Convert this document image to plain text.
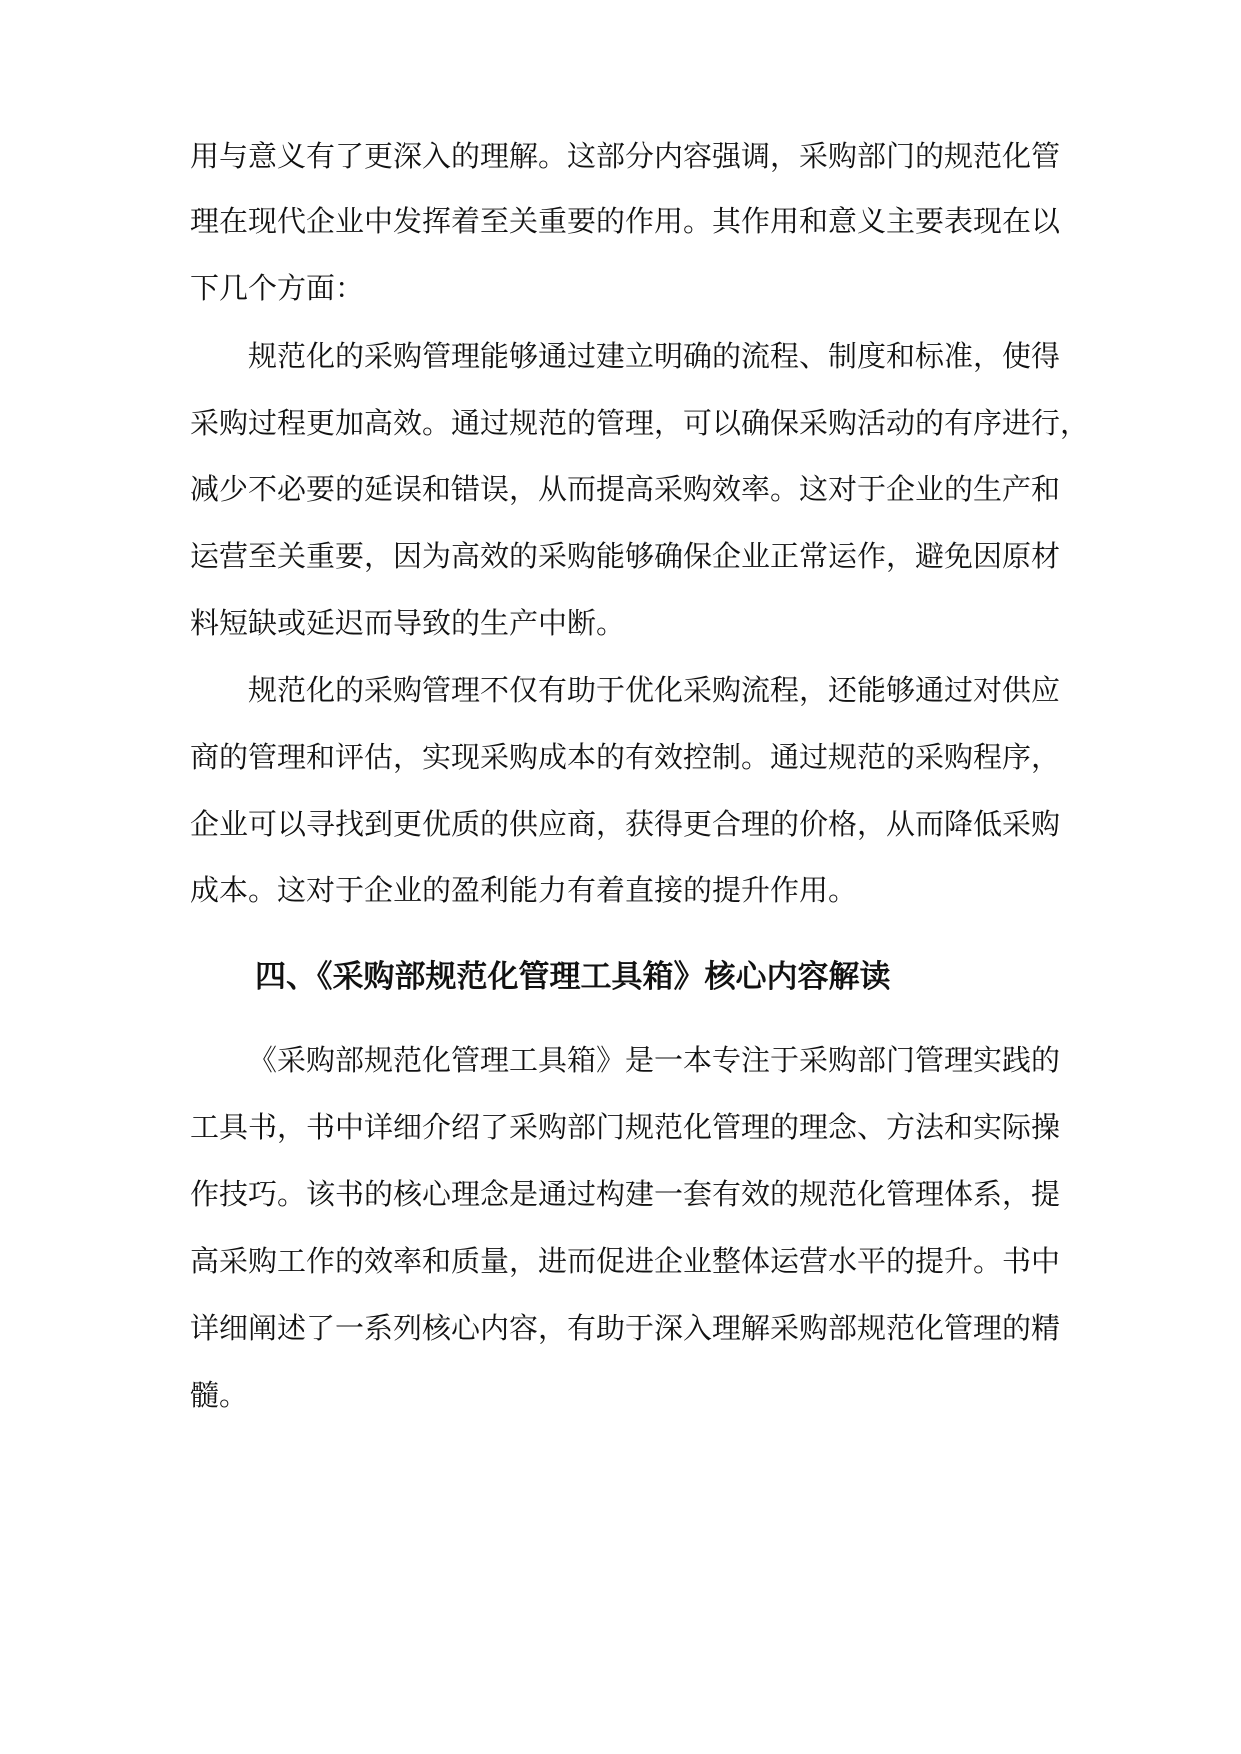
用与意义有了更深入的理解。这部分内容强调，采购部门的规范化管
理在现代企业中发挥着至关重要的作用。其作用和意义主要表现在以
下几个方面：
规范化的采购管理能够通过建立明确的流程、制度和标准，使得
采购过程更加高效。通过规范的管理，可以确保采购活动的有序进行，
减少不必要的延误和错误，从而提高采购效率。这对于企业的生产和
运营至关重要，因为高效的采购能够确保企业正常运作，避免因原材
料短缺或延迟而导致的生产中断。
规范化的采购管理不仅有助于优化采购流程，还能够通过对供应
商的管理和评估，实现采购成本的有效控制。通过规范的采购程序，
企业可以寻找到更优质的供应商，获得更合理的价格，从而降低采购
成本。这对于企业的盈利能力有着直接的提升作用。
四、《采购部规范化管理工具箱》核心内容解读
《采购部规范化管理工具箱》是一本专注于采购部门管理实践的
工具书，书中详细介绍了采购部门规范化管理的理念、方法和实际操
作技巧。该书的核心理念是通过构建一套有效的规范化管理体系，提
高采购工作的效率和质量，进而促进企业整体运营水平的提升。书中
详细阐述了一系列核心内容，有助于深入理解采购部规范化管理的精
髓。
